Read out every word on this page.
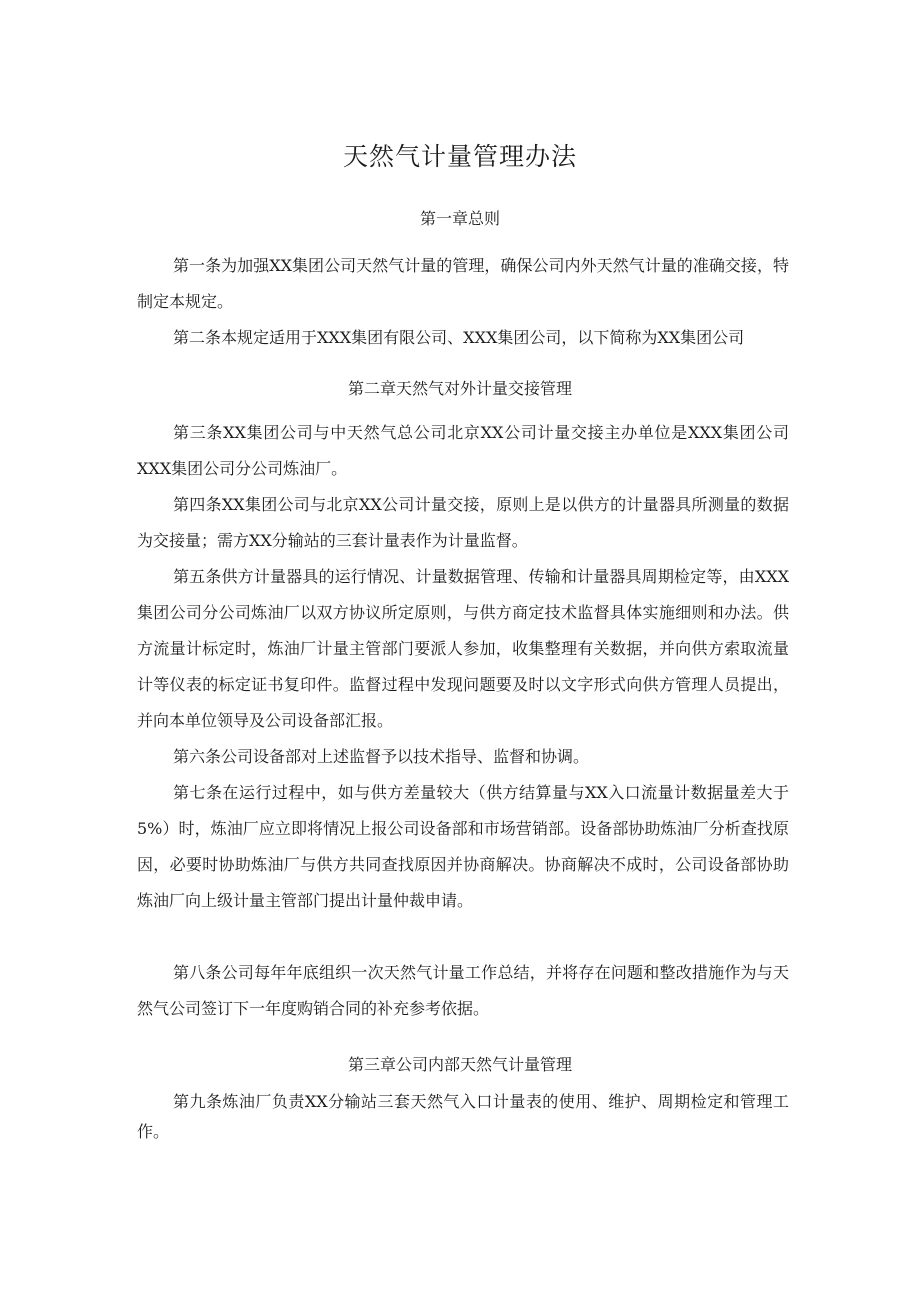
天然气计量管理办法
第一章总则

第一条为加强XX集团公司天然气计量的管理，确保公司内外天然气计量的准确交接，特制定本规定。

第二条本规定适用于XXX集团有限公司、XXX集团公司，以下简称为XX集团公司

第二章天然气对外计量交接管理

第三条XX集团公司与中天然气总公司北京XX公司计量交接主办单位是XXX集团公司XXX集团公司分公司炼油厂。

第四条XX集团公司与北京XX公司计量交接，原则上是以供方的计量器具所测量的数据为交接量；需方XX分输站的三套计量表作为计量监督。

第五条供方计量器具的运行情况、计量数据管理、传输和计量器具周期检定等，由XXX集团公司分公司炼油厂以双方协议所定原则，与供方商定技术监督具体实施细则和办法。供方流量计标定时，炼油厂计量主管部门要派人参加，收集整理有关数据，并向供方索取流量计等仪表的标定证书复印件。监督过程中发现问题要及时以文字形式向供方管理人员提出，并向本单位领导及公司设备部汇报。

第六条公司设备部对上述监督予以技术指导、监督和协调。

第七条在运行过程中，如与供方差量较大（供方结算量与XX入口流量计数据量差大于5%）时，炼油厂应立即将情况上报公司设备部和市场营销部。设备部协助炼油厂分析查找原因，必要时协助炼油厂与供方共同查找原因并协商解决。协商解决不成时，公司设备部协助炼油厂向上级计量主管部门提出计量仲裁申请。

第八条公司每年年底组织一次天然气计量工作总结，并将存在问题和整改措施作为与天然气公司签订下一年度购销合同的补充参考依据。

第三章公司内部天然气计量管理

第九条炼油厂负责XX分输站三套天然气入口计量表的使用、维护、周期检定和管理工作。
